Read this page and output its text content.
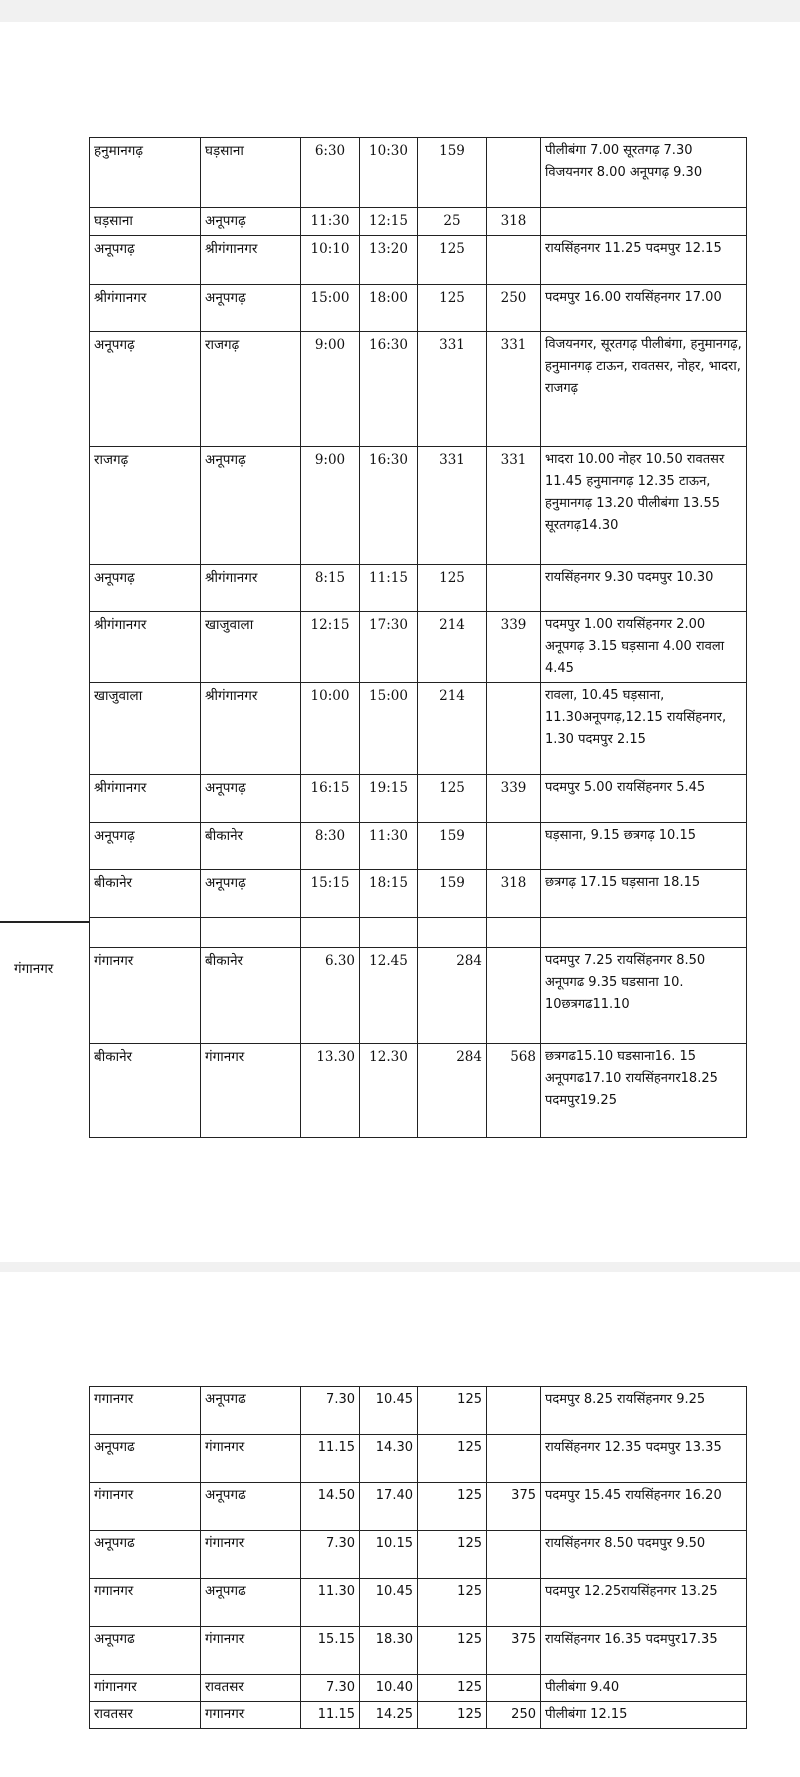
गंगानगर
हनुमानगढ़	घड़साना	6:30	10:30	159		पीलीबंगा 7.00 सूरतगढ़ 7.30 विजयनगर 8.00 अनूपगढ़ 9.30
घड़साना	अनूपगढ़	11:30	12:15	25	318	
अनूपगढ़	श्रीगंगानगर	10:10	13:20	125		रायसिंहनगर 11.25 पदमपुर 12.15
श्रीगंगानगर	अनूपगढ़	15:00	18:00	125	250	पदमपुर 16.00 रायसिंहनगर 17.00
अनूपगढ़	राजगढ़	9:00	16:30	331	331	विजयनगर, सूरतगढ़ पीलीबंगा, हनुमानगढ़, हनुमानगढ़ टाऊन, रावतसर, नोहर, भादरा, राजगढ़
राजगढ़	अनूपगढ़	9:00	16:30	331	331	भादरा 10.00 नोहर 10.50 रावतसर 11.45 हनुमानगढ़ 12.35 टाऊन, हनुमानगढ़ 13.20 पीलीबंगा 13.55 सूरतगढ़14.30
अनूपगढ़	श्रीगंगानगर	8:15	11:15	125		रायसिंहनगर 9.30 पदमपुर 10.30
श्रीगंगानगर	खाजुवाला	12:15	17:30	214	339	पदमपुर 1.00 रायसिंहनगर 2.00 अनूपगढ़ 3.15 घड़साना 4.00 रावला 4.45
खाजुवाला	श्रीगंगानगर	10:00	15:00	214		रावला, 10.45 घड़साना, 11.30अनूपगढ़,12.15 रायसिंहनगर, 1.30 पदमपुर 2.15
श्रीगंगानगर	अनूपगढ़	16:15	19:15	125	339	पदमपुर 5.00 रायसिंहनगर 5.45
अनूपगढ़	बीकानेर	8:30	11:30	159		घड़साना, 9.15 छत्रगढ़ 10.15
बीकानेर	अनूपगढ़	15:15	18:15	159	318	छत्रगढ़ 17.15 घड़साना 18.15

गंगानगर	बीकानेर	6.30	12.45	284		पदमपुर 7.25 रायसिंहनगर 8.50 अनूपगढ 9.35 घडसाना 10. 10छत्रगढ11.10
बीकानेर	गंगानगर	13.30	12.30	284	568	छत्रगढ15.10 घडसाना16. 15 अनूपगढ17.10 रायसिंहनगर18.25 पदमपुर19.25
गगानगर	अनूपगढ	7.30	10.45	125		पदमपुर 8.25 रायसिंहनगर 9.25
अनूपगढ	गंगानगर	11.15	14.30	125		रायसिंहनगर 12.35 पदमपुर 13.35
गंगानगर	अनूपगढ	14.50	17.40	125	375	पदमपुर 15.45 रायसिंहनगर 16.20
अनूपगढ	गंगानगर	7.30	10.15	125		रायसिंहनगर 8.50 पदमपुर 9.50
गगानगर	अनूपगढ	11.30	10.45	125		पदमपुर 12.25रायसिंहनगर 13.25
अनूपगढ	गंगानगर	15.15	18.30	125	375	रायसिंहनगर 16.35 पदमपुर17.35
गांगानगर	रावतसर	7.30	10.40	125		पीलीबंगा 9.40
रावतसर	गगानगर	11.15	14.25	125	250	पीलीबंगा 12.15
